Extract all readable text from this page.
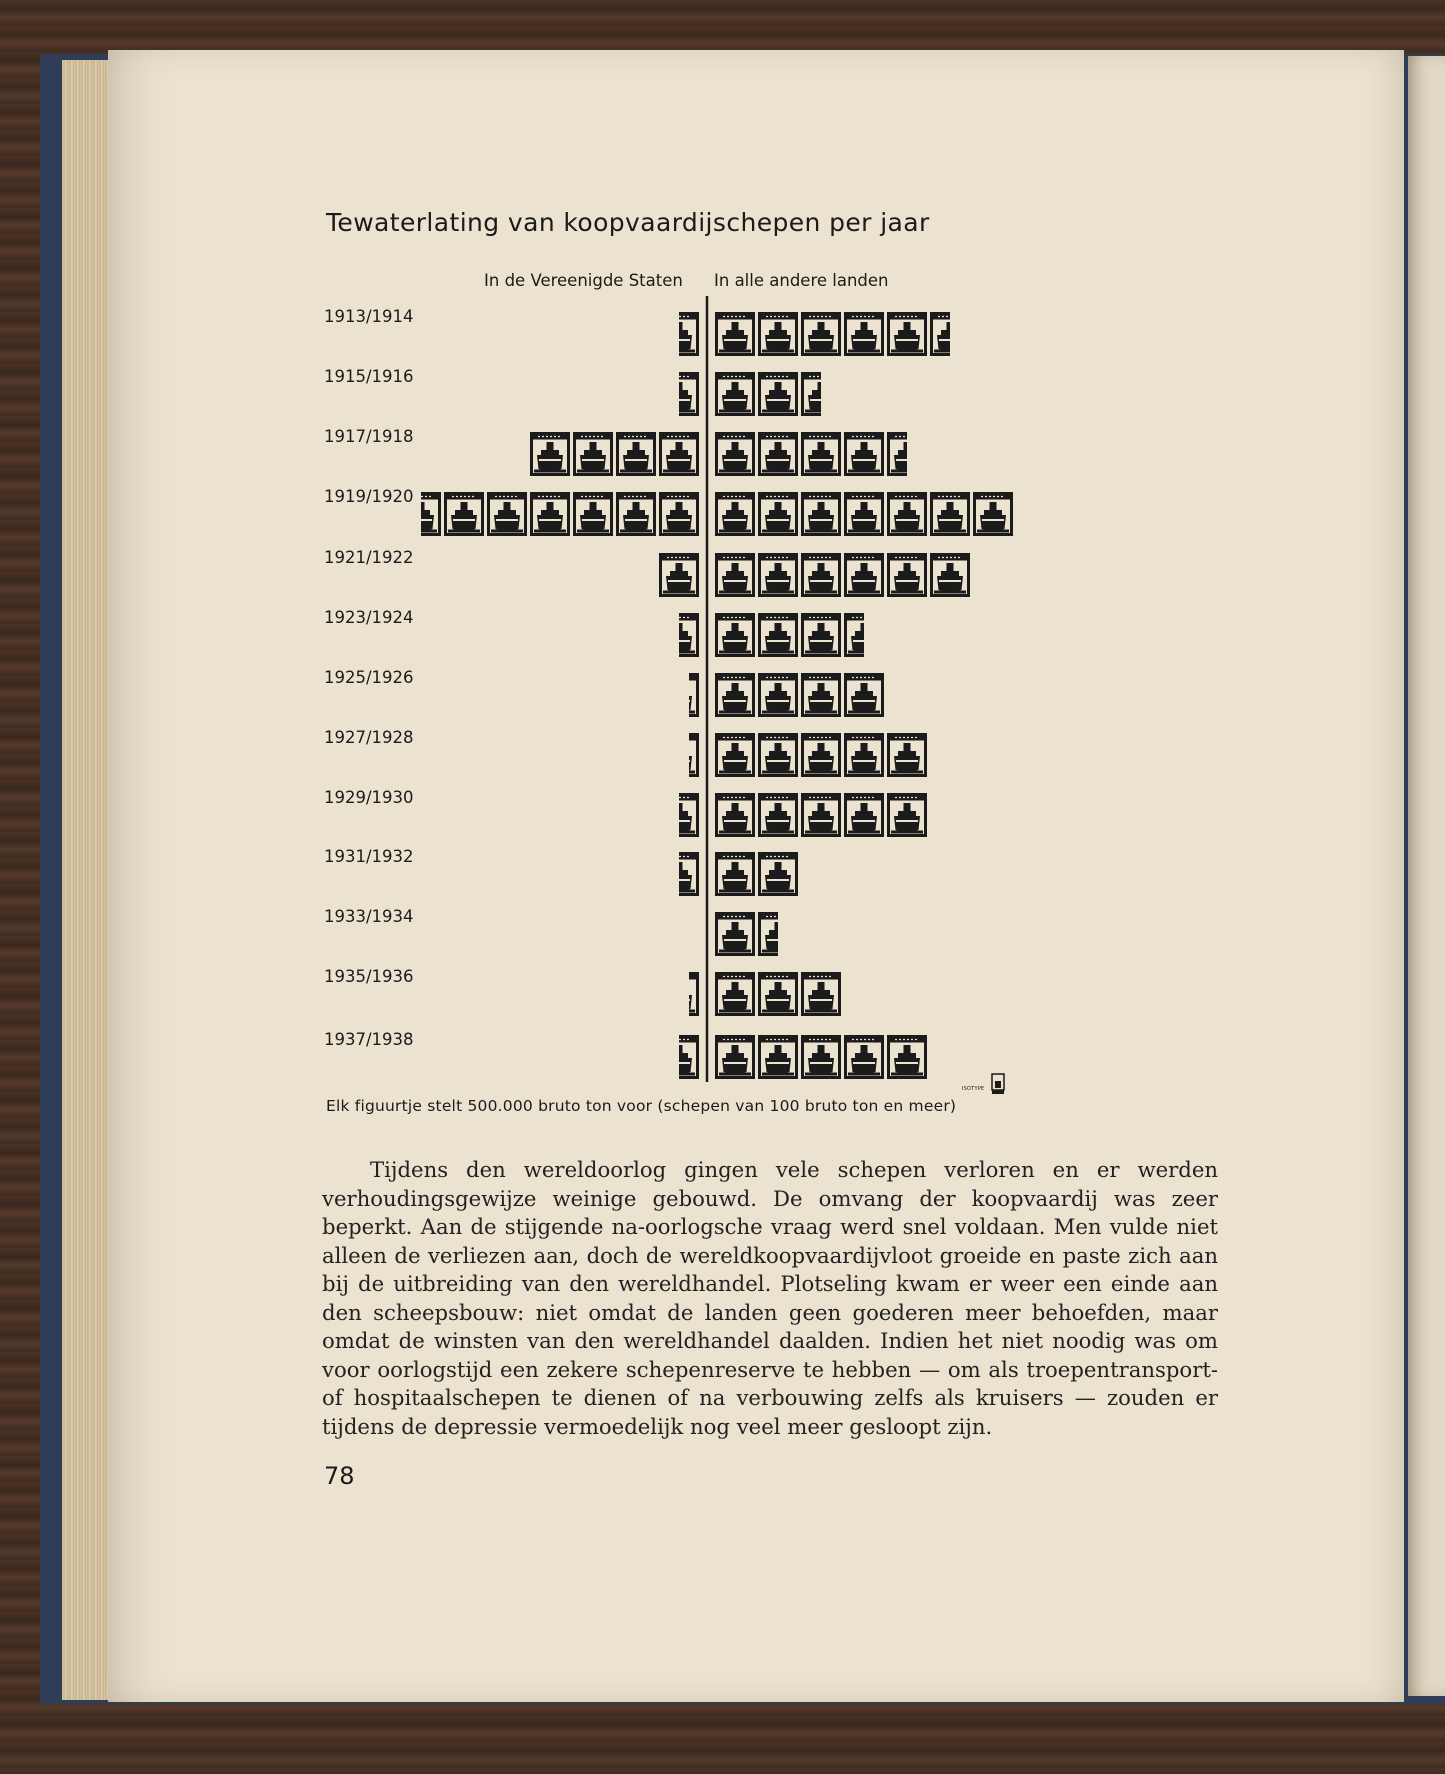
Tewaterlating van koopvaardijschepen per jaar
In de Vereenigde Staten In alle andere landen
1913/1914
1915/1916
1917/1918
1919/1920
1921/1922
1923/1924
1925/1926
1927/1928
1929/1930
1931/1932
1933/1934
1935/1936
1937/1938
Elk figuurtje stelt 500.000 bruto ton voor (schepen van 100 bruto ton en meer)
ISOTYPE
Tijdens den wereldoorlog gingen vele schepen verloren en er werden verhoudingsgewijze weinige gebouwd. De omvang der koopvaardij was zeer beperkt. Aan de stijgende na-oorlogsche vraag werd snel voldaan. Men vulde niet alleen de verliezen aan, doch de wereldkoopvaardijvloot groeide en paste zich aan bij de uitbreiding van den wereldhandel. Plotseling kwam er weer een einde aan den scheepsbouw: niet omdat de landen geen goederen meer behoefden, maar omdat de winsten van den wereldhandel daalden. Indien het niet noodig was om voor oorlogstijd een zekere schepenreserve te hebben — om als troepentransport- of hospitaalschepen te dienen of na verbouwing zelfs als kruisers — zouden er tijdens de depressie vermoedelijk nog veel meer gesloopt zijn.
78
